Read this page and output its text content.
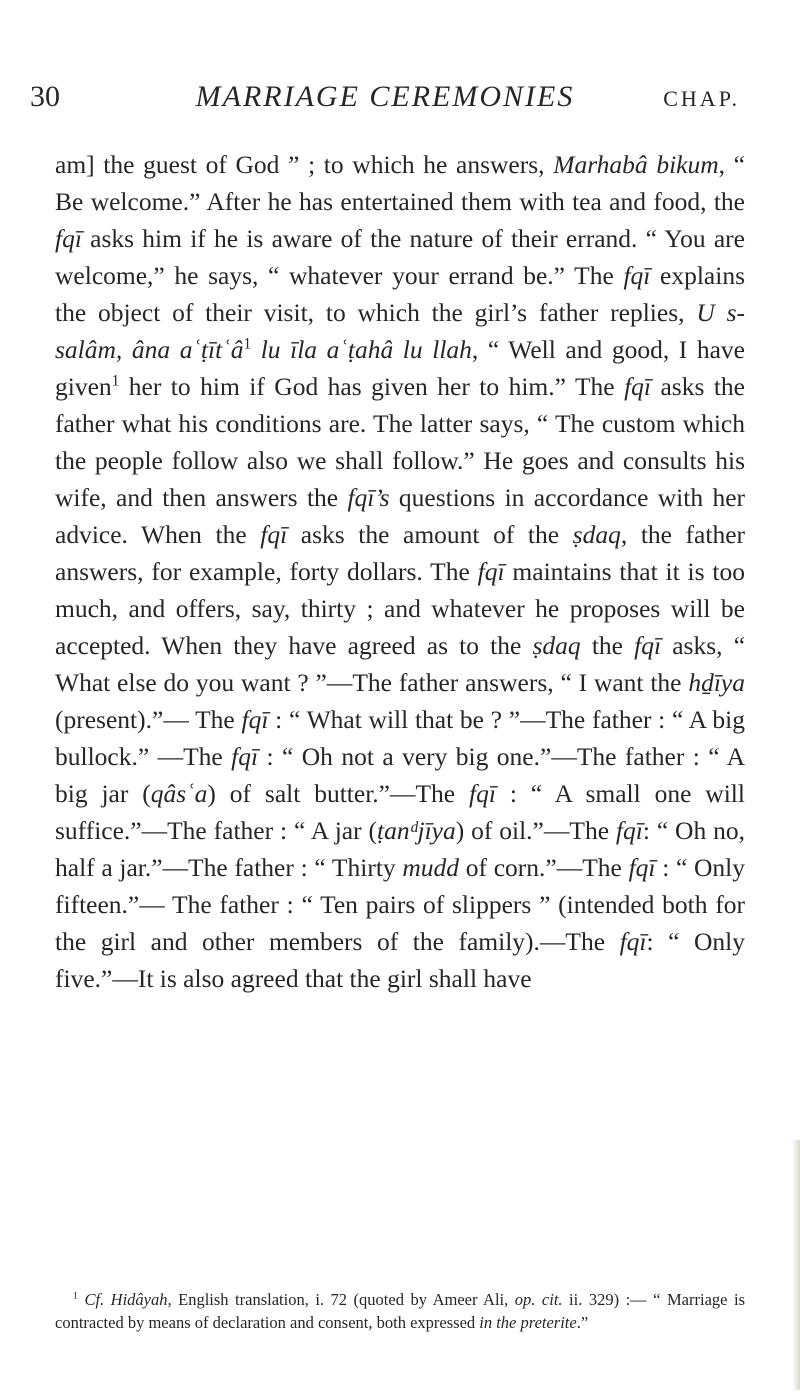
30	MARRIAGE CEREMONIES	CHAP.

am] the guest of God ” ; to which he answers, Marhabâ bikum, “ Be welcome.” After he has entertained them with tea and food, the fqī asks him if he is aware of the nature of their errand. “ You are welcome,” he says, “ whatever your errand be.” The fqī explains the object of their visit, to which the girl’s father replies, U s-salâm, âna aʿṭītʿâ$^1$ lu īla aʿṭahâ lu llah, “ Well and good, I have given$^1$ her to him if God has given her to him.” The fqī asks the father what his conditions are. The latter says, “ The custom which the people follow also we shall follow.” He goes and consults his wife, and then answers the fqī’s questions in accordance with her advice. When the fqī asks the amount of the ṣdaq, the father answers, for example, forty dollars. The fqī maintains that it is too much, and offers, say, thirty ; and whatever he proposes will be accepted. When they have agreed as to the ṣdaq the fqī asks, “ What else do you want ? ”—The father answers, “ I want the hḏīya (present).”— The fqī : “ What will that be ? ”—The father : “ A big bullock.” —The fqī : “ Oh not a very big one.”—The father : “ A big jar (qâsʿa) of salt butter.”—The fqī : “ A small one will suffice.”—The father : “ A jar (ṭanᵈjīya) of oil.”—The fqī: “ Oh no, half a jar.”—The father : “ Thirty mudd of corn.”—The fqī : “ Only fifteen.”— The father : “ Ten pairs of slippers ” (intended both for the girl and other members of the family).—The fqī: “ Only five.”—It is also agreed that the girl shall have

$^1$ Cf. Hidâyah, English translation, i. 72 (quoted by Ameer Ali, op. cit. ii. 329) :— “ Marriage is contracted by means of declaration and consent, both expressed in the preterite.”
